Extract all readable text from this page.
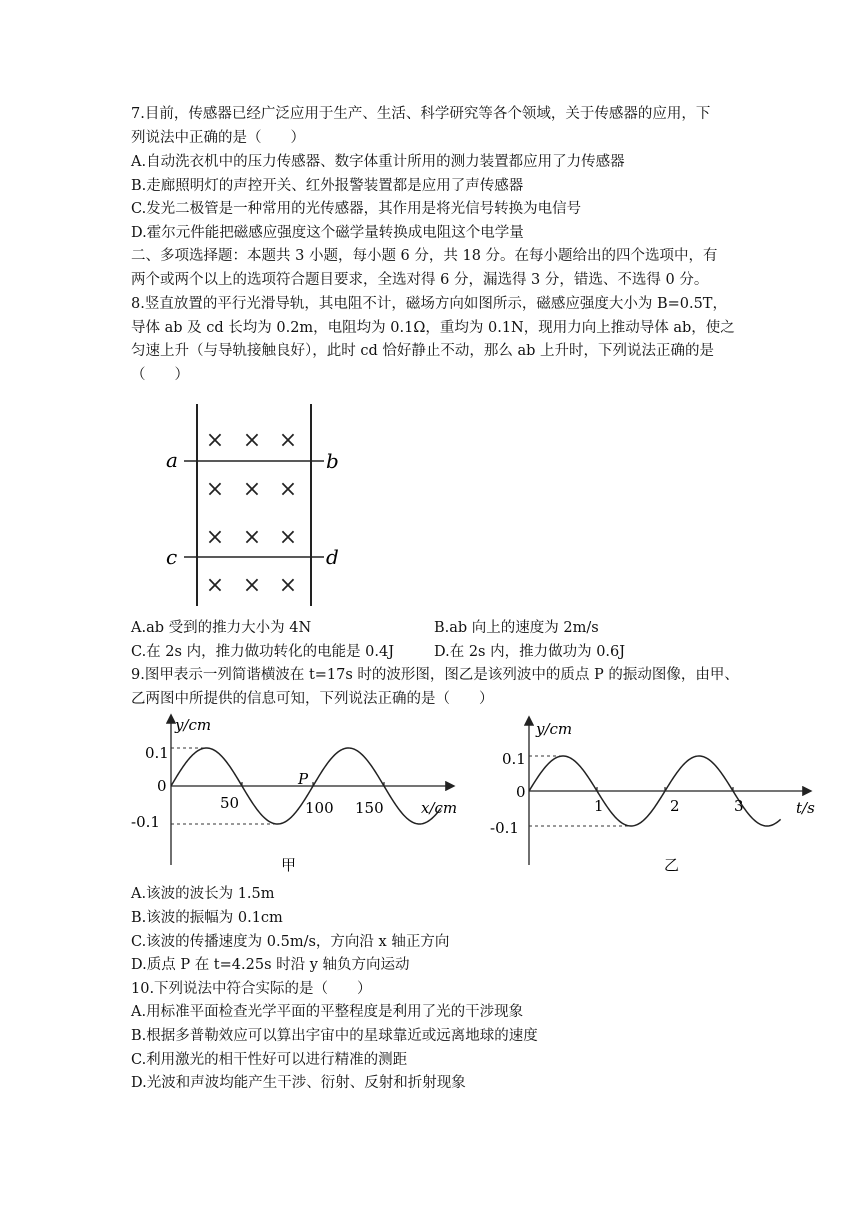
7.目前，传感器已经广泛应用于生产、生活、科学研究等各个领域，关于传感器的应用，下
列说法中正确的是（　　）
A.自动洗衣机中的压力传感器、数字体重计所用的测力装置都应用了力传感器
B.走廊照明灯的声控开关、红外报警装置都是应用了声传感器
C.发光二极管是一种常用的光传感器，其作用是将光信号转换为电信号
D.霍尔元件能把磁感应强度这个磁学量转换成电阻这个电学量
二、多项选择题：本题共 3 小题，每小题 6 分，共 18 分。在每小题给出的四个选项中，有
两个或两个以上的选项符合题目要求，全选对得 6 分，漏选得 3 分，错选、不选得 0 分。
8.竖直放置的平行光滑导轨，其电阻不计，磁场方向如图所示，磁感应强度大小为 B=0.5T，
导体 ab 及 cd 长均为 0.2m，电阻均为 0.1Ω，重均为 0.1N，现用力向上推动导体 ab，使之
匀速上升（与导轨接触良好），此时 cd 恰好静止不动，那么 ab 上升时，下列说法正确的是
（　　）
a	b
c	d
× × ×
× × ×
× × ×
× × ×
A.ab 受到的推力大小为 4N	B.ab 向上的速度为 2m/s
C.在 2s 内，推力做功转化的电能是 0.4J	D.在 2s 内，推力做功为 0.6J
9.图甲表示一列简谐横波在 t=17s 时的波形图，图乙是该列波中的质点 P 的振动图像，由甲、
乙两图中所提供的信息可知，下列说法正确的是（　　）
y/cm
x/cm
0.1
0
-0.1
50	100 150
P
甲
y/cm
t/s
0.1
0
-0.1
1	2	3
乙
A.该波的波长为 1.5m
B.该波的振幅为 0.1cm
C.该波的传播速度为 0.5m/s，方向沿 x 轴正方向
D.质点 P 在 t=4.25s 时沿 y 轴负方向运动
10.下列说法中符合实际的是（　　）
A.用标准平面检查光学平面的平整程度是利用了光的干涉现象
B.根据多普勒效应可以算出宇宙中的星球靠近或远离地球的速度
C.利用激光的相干性好可以进行精准的测距
D.光波和声波均能产生干涉、衍射、反射和折射现象
